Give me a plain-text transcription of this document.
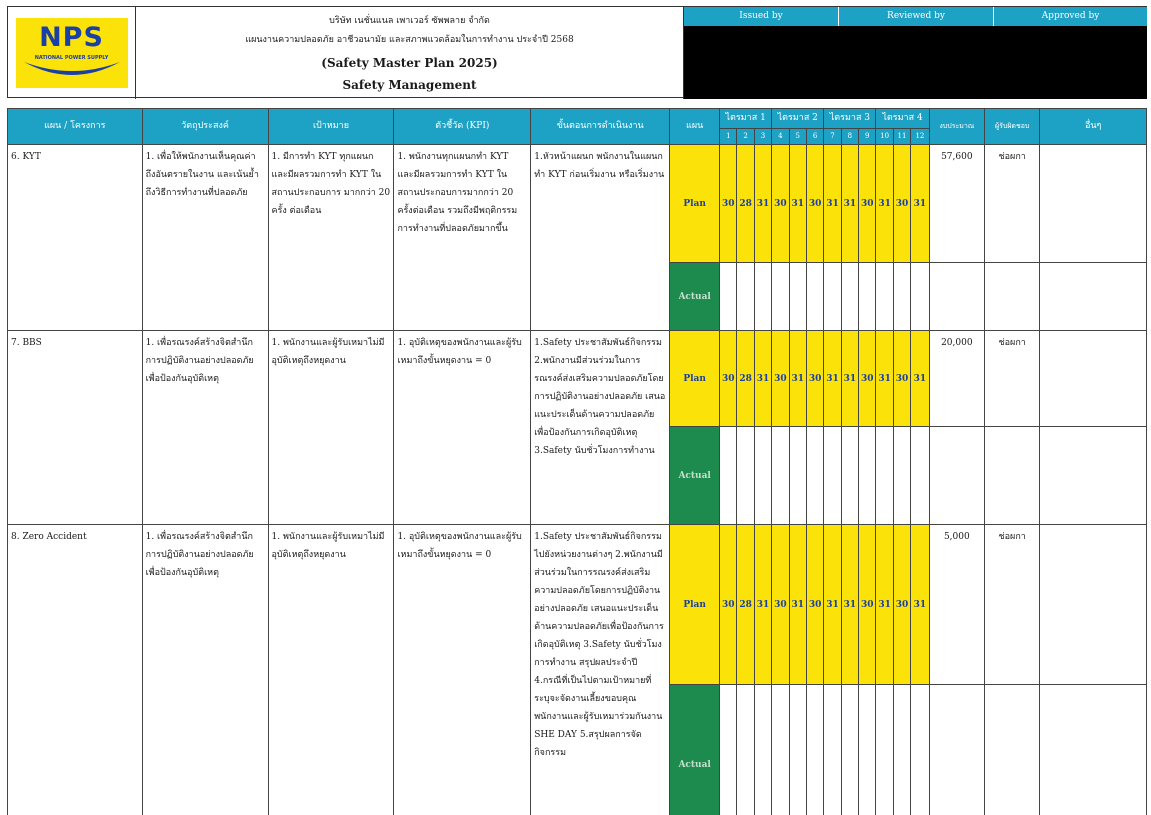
NPS
NATIONAL POWER SUPPLY
บริษัท เนชั่นแนล เพาเวอร์ ซัพพลาย จำกัด
แผนงานความปลอดภัย อาชีวอนามัย และสภาพแวดล้อมในการทำงาน ประจำปี 2568
(Safety Master Plan 2025)
Safety Management
Issued by	Reviewed by	Approved by
แผน / โครงการ	วัตถุประสงค์	เป้าหมาย	ตัวชี้วัด (KPI)	ขั้นตอนการดำเนินงาน	แผน	ไตรมาส 1			ไตรมาส 2			ไตรมาส 3			ไตรมาส 4			งบประมาณ	ผู้รับผิดชอบ	อื่นๆ
						1	2	3	4	5	6	7	8	9	10	11	12			
6. KYT	1. เพื่อให้พนักงานเห็นคุณค่าถึงอันตรายในงาน และเน้นย้ำถึงวิธีการทำงานที่ปลอดภัย	1. มีการทำ KYT ทุกแผนก และมีผลรวมการทำ KYT ในสถานประกอบการ มากกว่า 20 ครั้ง ต่อเดือน	1. พนักงานทุกแผนกทำ KYT และมีผลรวมการทำ KYT ในสถานประกอบการมากกว่า 20 ครั้งต่อเดือน รวมถึงมีพฤติกรรมการทำงานที่ปลอดภัยมากขึ้น	1.หัวหน้าแผนก พนักงานในแผนก ทำ KYT ก่อนเริ่มงาน หรือเริ่มงาน	Plan	30	28	31	30	31	30	31	31	30	31	30	31	57,600	ช่อผกา	
					Actual															
7. BBS	1. เพื่อรณรงค์สร้างจิตสำนึกการปฏิบัติงานอย่างปลอดภัยเพื่อป้องกันอุบัติเหตุ	1. พนักงานและผู้รับเหมาไม่มีอุบัติเหตุถึงหยุดงาน	1. อุบัติเหตุของพนักงานและผู้รับเหมาถึงขั้นหยุดงาน = 0	1.Safety ประชาสัมพันธ์กิจกรรม 2.พนักงานมีส่วนร่วมในการรณรงค์ส่งเสริมความปลอดภัยโดยการปฏิบัติงานอย่างปลอดภัย เสนอแนะประเด็นด้านความปลอดภัยเพื่อป้องกันการเกิดอุบัติเหตุ 3.Safety นับชั่วโมงการทำงาน	Plan	30	28	31	30	31	30	31	31	30	31	30	31	20,000	ช่อผกา	
					Actual															
8. Zero Accident	1. เพื่อรณรงค์สร้างจิตสำนึกการปฏิบัติงานอย่างปลอดภัยเพื่อป้องกันอุบัติเหตุ	1. พนักงานและผู้รับเหมาไม่มีอุบัติเหตุถึงหยุดงาน	1. อุบัติเหตุของพนักงานและผู้รับเหมาถึงขั้นหยุดงาน = 0	1.Safety ประชาสัมพันธ์กิจกรรมไปยังหน่วยงานต่างๆ 2.พนักงานมีส่วนร่วมในการรณรงค์ส่งเสริมความปลอดภัยโดยการปฏิบัติงานอย่างปลอดภัย เสนอแนะประเด็นด้านความปลอดภัยเพื่อป้องกันการเกิดอุบัติเหตุ 3.Safety นับชั่วโมงการทำงาน สรุปผลประจำปี 4.กรณีที่เป็นไปตามเป้าหมายที่ระบุจะจัดงานเลี้ยงขอบคุณพนักงานและผู้รับเหมาร่วมกันงาน SHE DAY 5.สรุปผลการจัดกิจกรรม	Plan	30	28	31	30	31	30	31	31	30	31	30	31	5,000	ช่อผกา	
					Actual															
